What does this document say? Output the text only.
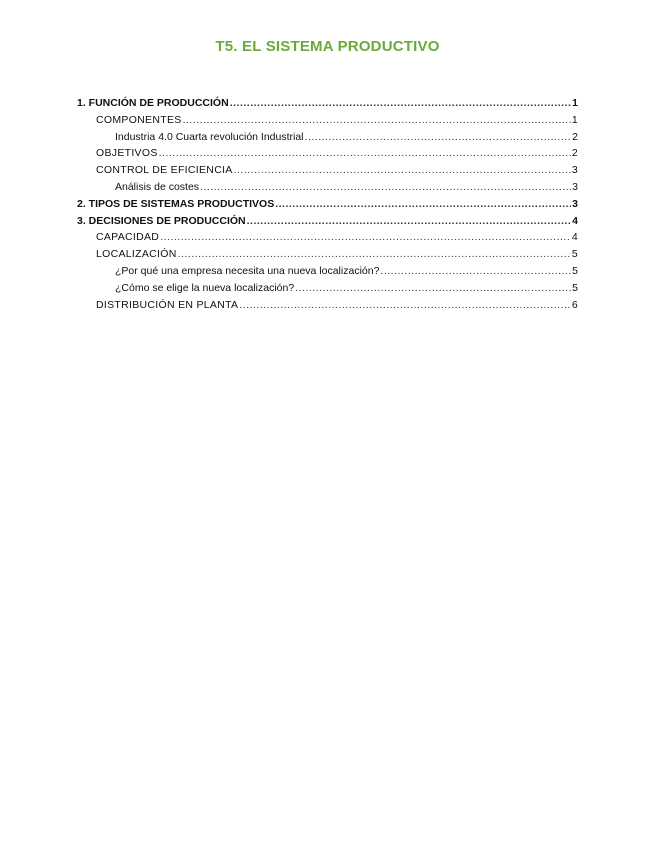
T5. EL SISTEMA PRODUCTIVO
1. FUNCIÓN DE PRODUCCIÓN .....	1
COMPONENTES .....	1
Industria 4.0 Cuarta revolución Industrial .....	2
OBJETIVOS .....	2
CONTROL DE EFICIENCIA .....	3
Análisis de costes .....	3
2. TIPOS DE SISTEMAS PRODUCTIVOS .....	3
3. DECISIONES DE PRODUCCIÓN .....	4
CAPACIDAD .....	4
LOCALIZACIÓN .....	5
¿Por qué una empresa necesita una nueva localización? .....	5
¿Cómo se elige la nueva localización? .....	5
DISTRIBUCIÓN EN PLANTA .....	6
